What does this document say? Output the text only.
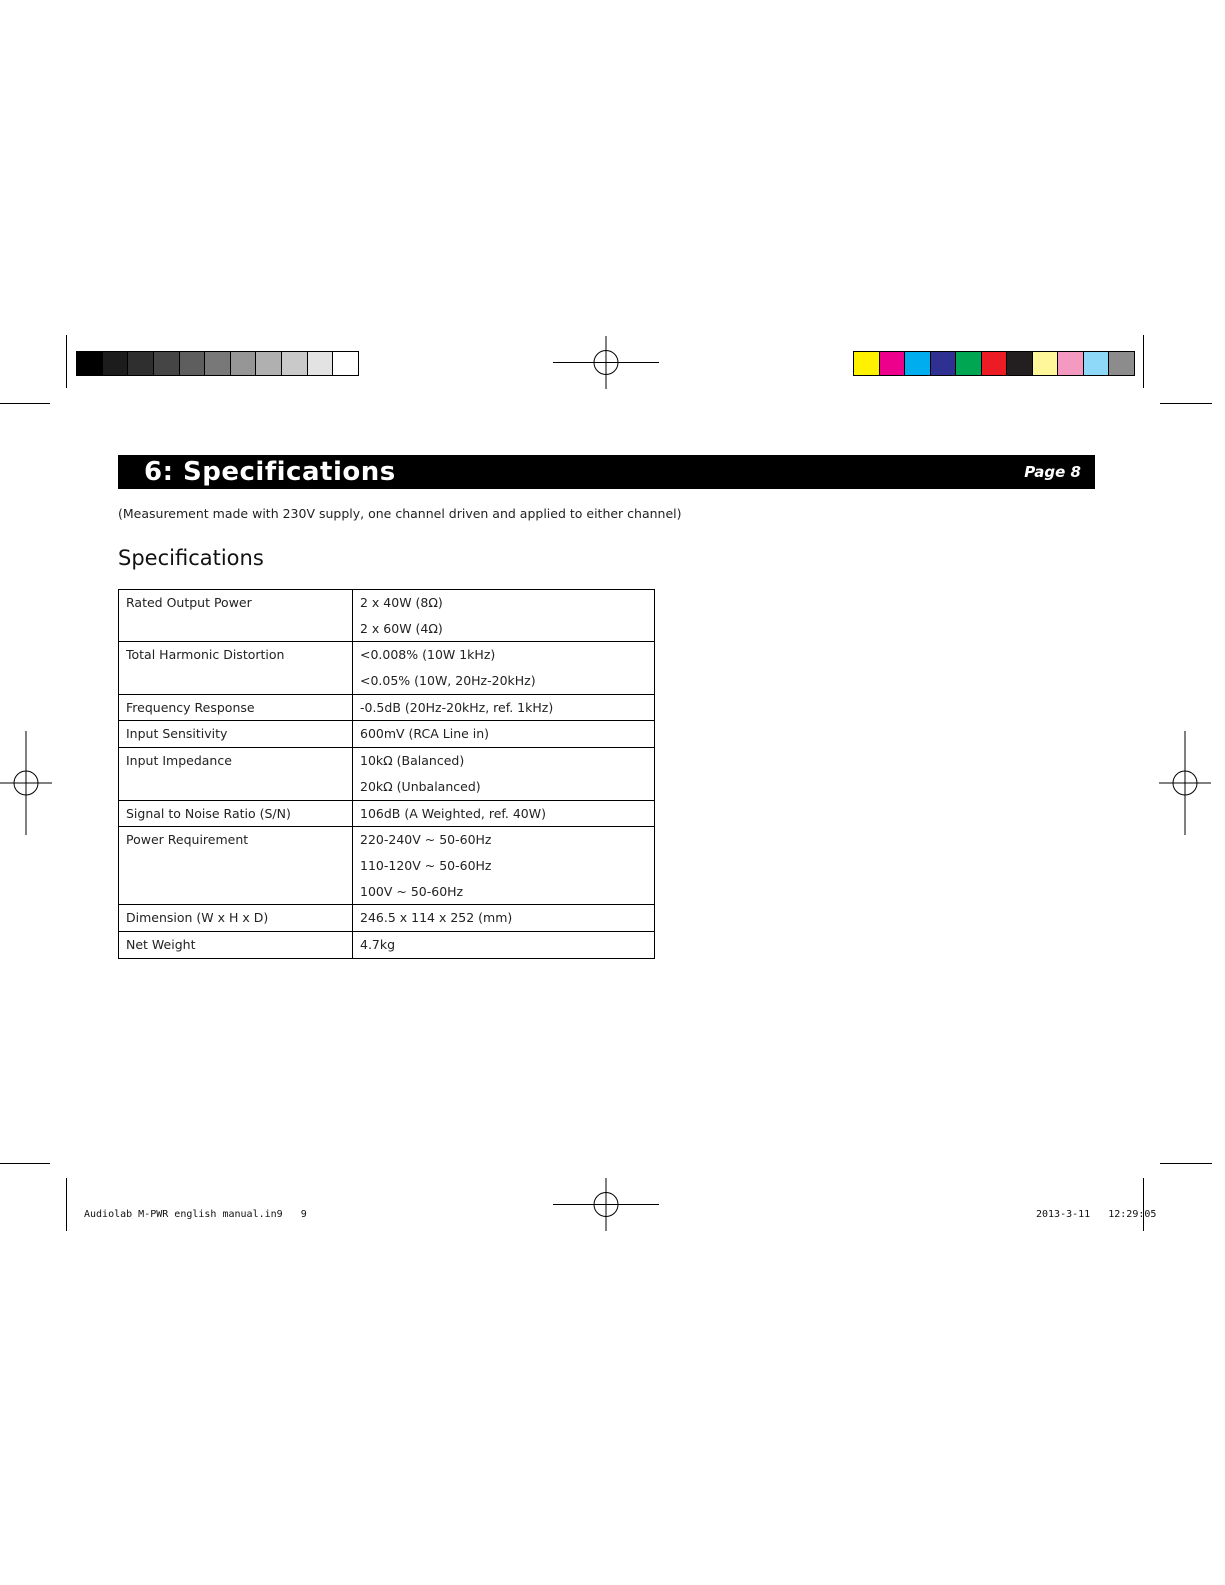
6: Specifications	Page 8
(Measurement made with 230V supply, one channel driven and applied to either channel)
Specifications
Rated Output Power	2 x 40W (8Ω)
2 x 60W (4Ω)

Total Harmonic Distortion	<0.008% (10W 1kHz)
<0.05% (10W, 20Hz-20kHz)

Frequency Response	-0.5dB (20Hz-20kHz, ref. 1kHz)

Input Sensitivity	600mV (RCA Line in)

Input Impedance	10kΩ (Balanced)
20kΩ (Unbalanced)

Signal to Noise Ratio (S/N)	106dB (A Weighted, ref. 40W)

Power Requirement	220-240V ~ 50-60Hz
110-120V ~ 50-60Hz
100V ~ 50-60Hz

Dimension (W x H x D)	246.5 x 114 x 252 (mm)

Net Weight	4.7kg
Audiolab M-PWR english manual.in9   9	2013-3-11   12:29:05
